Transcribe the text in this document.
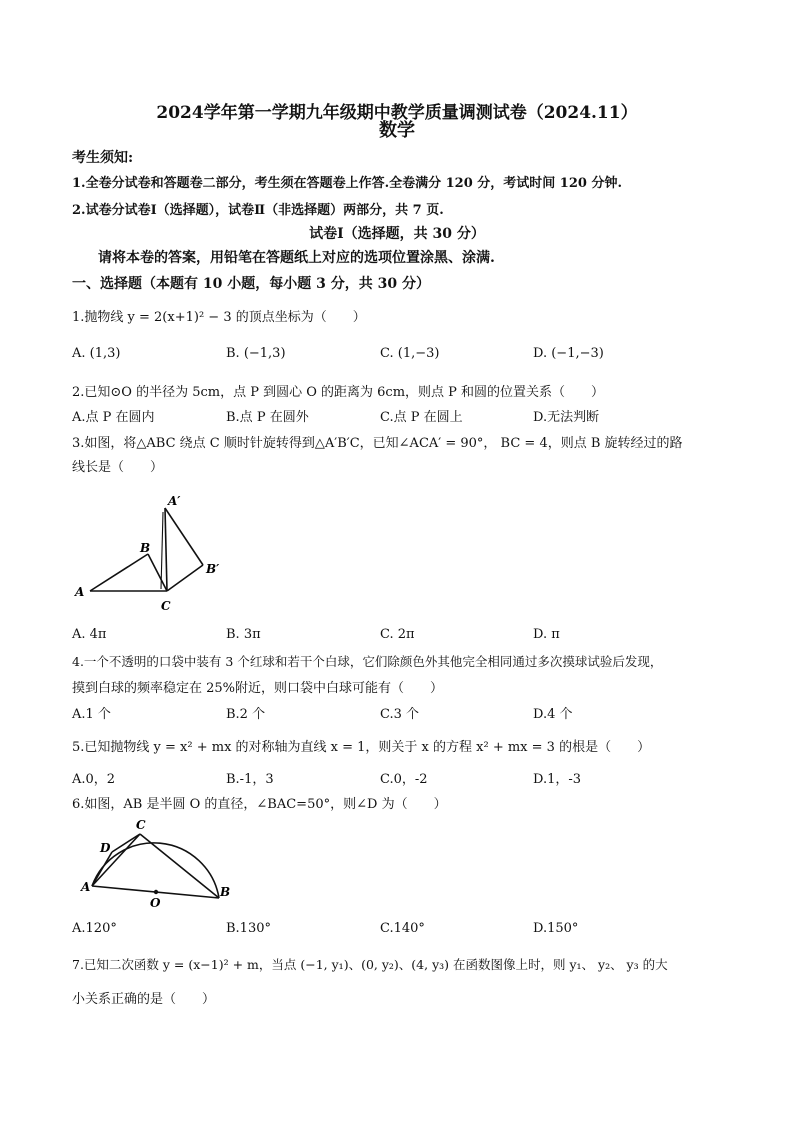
2024学年第一学期九年级期中教学质量调测试卷（2024.11）
数学
考生须知:
1.全卷分试卷和答题卷二部分，考生须在答题卷上作答.全卷满分 120 分，考试时间 120 分钟.
2.试卷分试卷Ⅰ（选择题），试卷Ⅱ（非选择题）两部分，共 7 页.
试卷Ⅰ（选择题，共 30 分）
请将本卷的答案，用铅笔在答题纸上对应的选项位置涂黑、涂满.
一、选择题（本题有 10 小题，每小题 3 分，共 30 分）
1.抛物线 y = 2(x+1)² − 3 的顶点坐标为（　　）
A. (1,3)	B. (−1,3)	C. (1,−3)	D. (−1,−3)
2.已知⊙O 的半径为 5cm，点 P 到圆心 O 的距离为 6cm，则点 P 和圆的位置关系（　　）
A.点 P 在圆内	B.点 P 在圆外	C.点 P 在圆上	D.无法判断
3.如图，将△ABC 绕点 C 顺时针旋转得到△A′B′C，已知∠ACA′ = 90°， BC = 4，则点 B 旋转经过的路
线长是（　　）
A′
B
B′
A
C
A. 4π	B. 3π	C. 2π	D. π
4.一个不透明的口袋中装有 3 个红球和若干个白球，它们除颜色外其他完全相同通过多次摸球试验后发现，
摸到白球的频率稳定在 25%附近，则口袋中白球可能有（　　）
A.1 个	B.2 个	C.3 个	D.4 个
5.已知抛物线 y = x² + mx 的对称轴为直线 x = 1，则关于 x 的方程 x² + mx = 3 的根是（　　）
A.0，2	B.-1，3	C.0，-2	D.1，-3
6.如图，AB 是半圆 O 的直径，∠BAC=50°，则∠D 为（　　）
C
D
A
O
B
A.120°	B.130°	C.140°	D.150°
7.已知二次函数 y = (x−1)² + m，当点 (−1, y₁)、(0, y₂)、(4, y₃) 在函数图像上时，则 y₁、 y₂、 y₃ 的大
小关系正确的是（　　）
